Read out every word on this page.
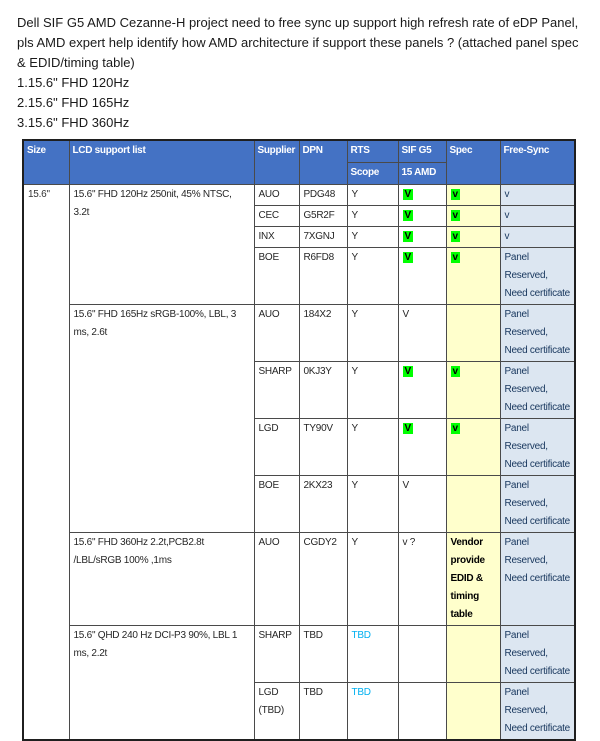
Dell SIF G5 AMD Cezanne-H project need to free sync up support high refresh rate of eDP Panel, pls AMD expert help identify how AMD architecture if support these panels ? (attached panel spec & EDID/timing table)
1.15.6" FHD 120Hz
2.15.6" FHD 165Hz
3.15.6" FHD 360Hz
Size	LCD support list	Supplier	DPN	RTS	SIF G5	Spec	Free-Sync
				Scope	15 AMD		
15.6"	15.6" FHD 120Hz 250nit, 45% NTSC, 3.2t	AUO	PDG48	Y	V	v	v
		CEC	G5R2F	Y	V	v	v
		INX	7XGNJ	Y	V	v	v
		BOE	R6FD8	Y	V	v	Panel Reserved, Need certificate
	15.6" FHD 165Hz sRGB-100%, LBL, 3 ms, 2.6t	AUO	184X2	Y	V		Panel Reserved, Need certificate
		SHARP	0KJ3Y	Y	V	v	Panel Reserved, Need certificate
		LGD	TY90V	Y	V	v	Panel Reserved, Need certificate
		BOE	2KX23	Y	V		Panel Reserved, Need certificate
	15.6" FHD 360Hz 2.2t,PCB2.8t /LBL/sRGB 100% ,1ms	AUO	CGDY2	Y	v ?	Vendor provide EDID & timing table	Panel Reserved, Need certificate
	15.6" QHD 240 Hz DCI-P3 90%, LBL 1 ms, 2.2t	SHARP	TBD	TBD			Panel Reserved, Need certificate
		LGD (TBD)	TBD	TBD			Panel Reserved, Need certificate
